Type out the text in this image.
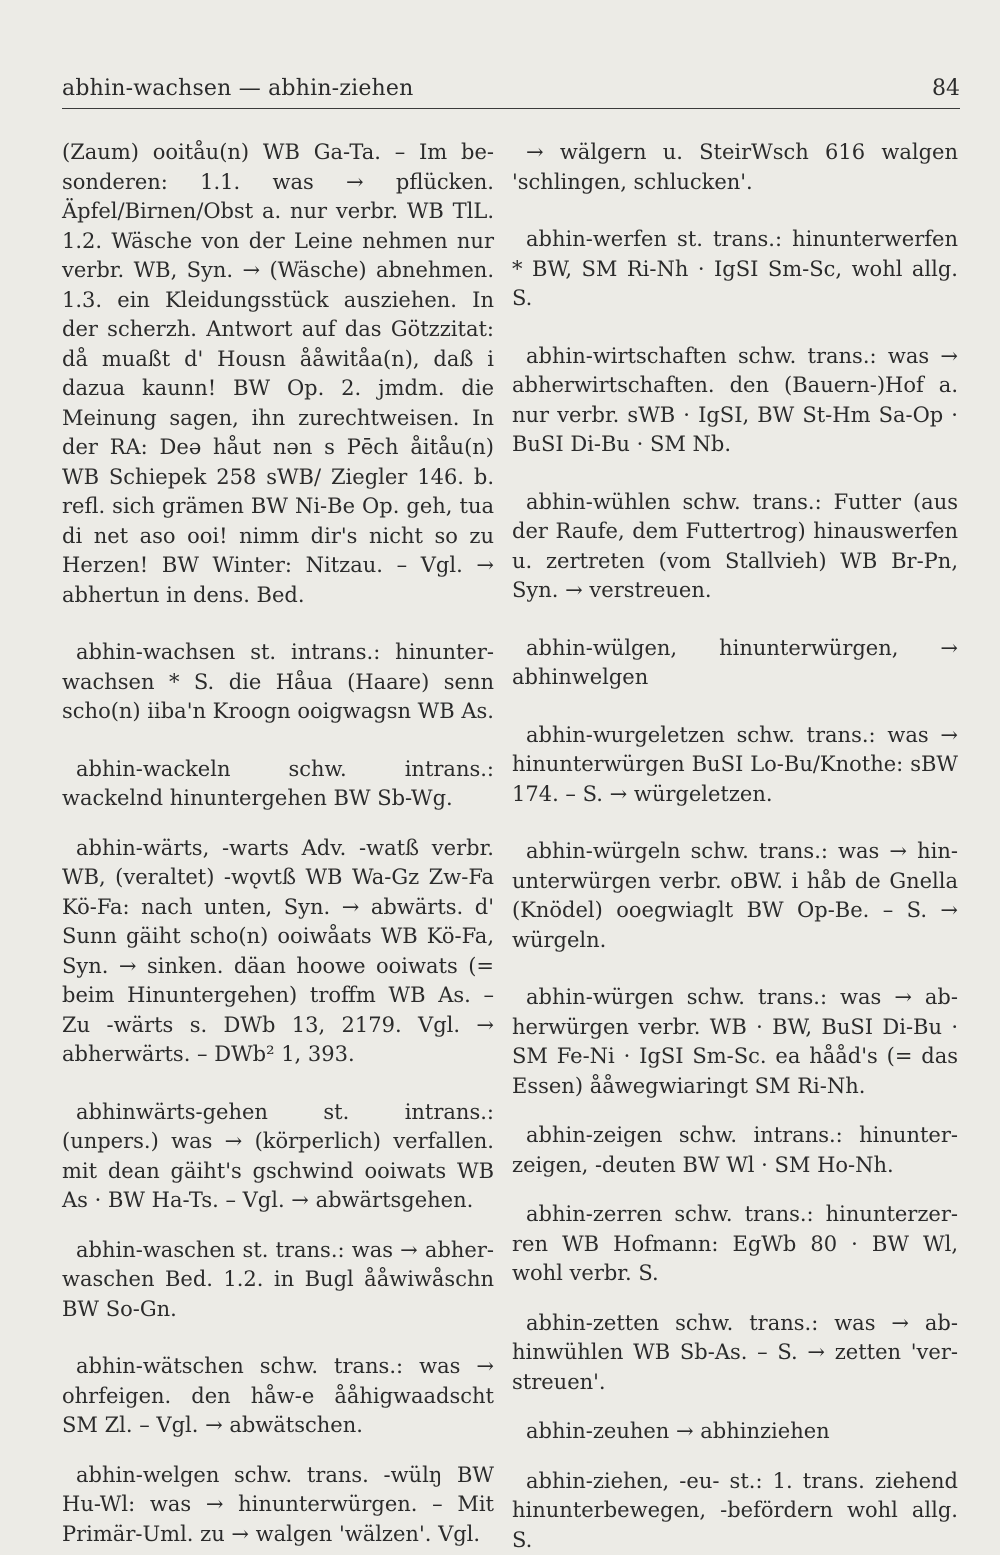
abhin-wachsen — abhin-ziehen	84

(Zaum) ooitåu(n) WB Ga-Ta. – Im besonderen: 1.1. was → pflücken. Äpfel/Birnen/Obst a. nur verbr. WB TlL. 1.2. Wäsche von der Leine nehmen nur verbr. WB, Syn. → (Wäsche) abnehmen. 1.3. ein Kleidungsstück ausziehen. In der scherzh. Antwort auf das Götzzitat: då muaßt d' Housn ååwitåa(n), daß i dazua kaunn! BW Op. 2. jmdm. die Meinung sagen, ihn zurechtweisen. In der RA: Deə håut nən s Pēch åitåu(n) WB Schiepek 258 sWB/ Ziegler 146. b. refl. sich grämen BW Ni-Be Op. geh, tua di net aso ooi! nimm dir's nicht so zu Herzen! BW Winter: Nitzau. – Vgl. → abhertun in dens. Bed.

abhin-wachsen st. intrans.: hinunterwachsen * S. die Håua (Haare) senn scho(n) iiba'n Kroogn ooigwagsn WB As.

abhin-wackeln schw. intrans.: wackelnd hinuntergehen BW Sb-Wg.

abhin-wärts, -warts Adv. -watß verbr. WB, (veraltet) -wǫvtß WB Wa-Gz Zw-Fa Kö-Fa: nach unten, Syn. → abwärts. d' Sunn gäiht scho(n) ooiwåats WB Kö-Fa, Syn. → sinken. däan hoowe ooiwats (= beim Hinuntergehen) troffm WB As. – Zu -wärts s. DWb 13, 2179. Vgl. → abherwärts. – DWb² 1, 393.

abhinwärts-gehen st. intrans.: (unpers.) was → (körperlich) verfallen. mit dean gäiht's gschwind ooiwats WB As · BW Ha-Ts. – Vgl. → abwärtsgehen.

abhin-waschen st. trans.: was → abherwaschen Bed. 1.2. in Bugl ååwiwåschn BW So-Gn.

abhin-wätschen schw. trans.: was → ohrfeigen. den håw-e ååhigwaadscht SM Zl. – Vgl. → abwätschen.

abhin-welgen schw. trans. -wülŋ BW Hu-Wl: was → hinunterwürgen. – Mit Primär-Uml. zu → walgen 'wälzen'. Vgl.

→ wälgern u. SteirWsch 616 walgen 'schlingen, schlucken'.

abhin-werfen st. trans.: hinunterwerfen * BW, SM Ri-Nh · IgSI Sm-Sc, wohl allg. S.

abhin-wirtschaften schw. trans.: was → abherwirtschaften. den (Bauern-)Hof a. nur verbr. sWB · IgSI, BW St-Hm Sa-Op · BuSI Di-Bu · SM Nb.

abhin-wühlen schw. trans.: Futter (aus der Raufe, dem Futtertrog) hinauswerfen u. zertreten (vom Stallvieh) WB Br-Pn, Syn. → verstreuen.

abhin-wülgen, hinunterwürgen, → abhinwelgen

abhin-wurgeletzen schw. trans.: was → hinunterwürgen BuSI Lo-Bu/Knothe: sBW 174. – S. → würgeletzen.

abhin-würgeln schw. trans.: was → hinunterwürgen verbr. oBW. i håb de Gnella (Knödel) ooegwiaglt BW Op-Be. – S. → würgeln.

abhin-würgen schw. trans.: was → abherwürgen verbr. WB · BW, BuSI Di-Bu · SM Fe-Ni · IgSI Sm-Sc. ea hååd's (= das Essen) ååwegwiaringt SM Ri-Nh.

abhin-zeigen schw. intrans.: hinunterzeigen, -deuten BW Wl · SM Ho-Nh.

abhin-zerren schw. trans.: hinunterzerren WB Hofmann: EgWb 80 · BW Wl, wohl verbr. S.

abhin-zetten schw. trans.: was → abhinwühlen WB Sb-As. – S. → zetten 'verstreuen'.

abhin-zeuhen → abhinziehen

abhin-ziehen, -eu- st.: 1. trans. ziehend hinunterbewegen, -befördern wohl allg. S.
